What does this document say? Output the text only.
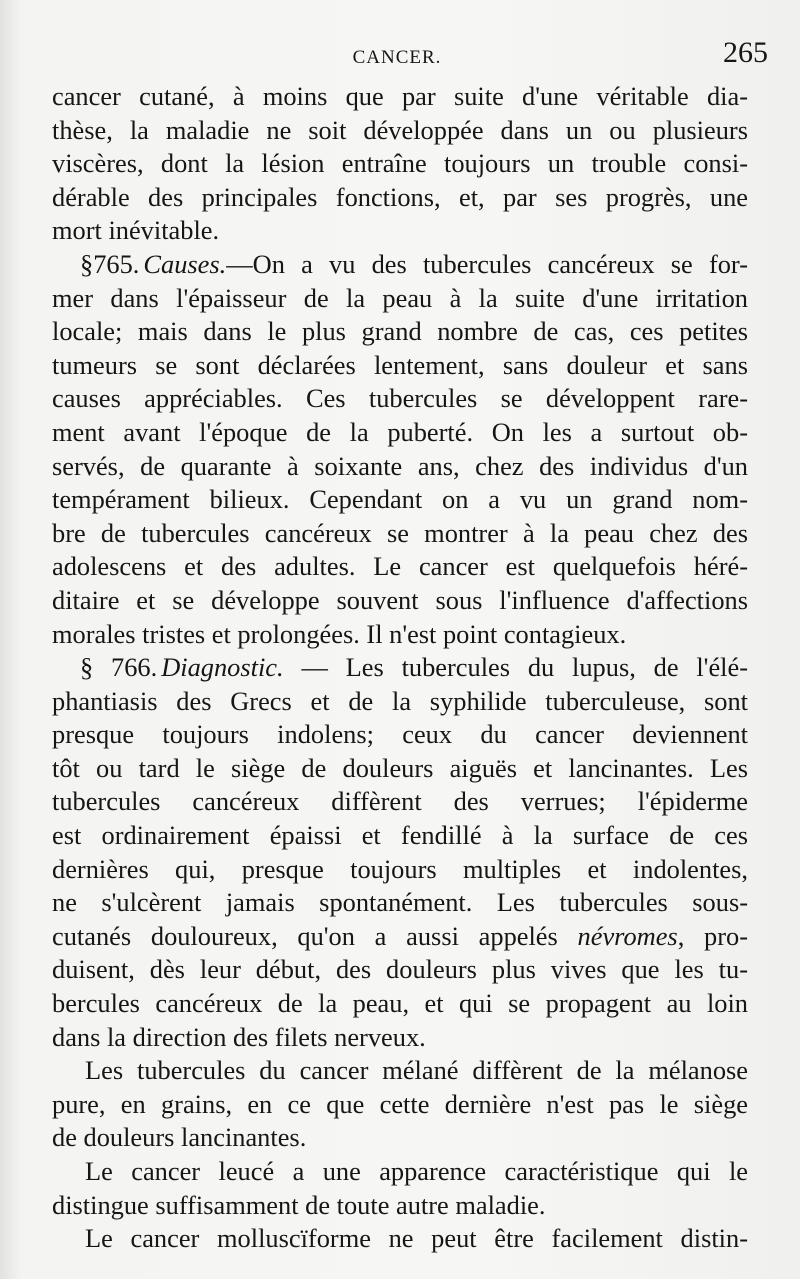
CANCER.	265
cancer cutané, à moins que par suite d'une véritable dia-
thèse, la maladie ne soit développée dans un ou plusieurs
viscères, dont la lésion entraîne toujours un trouble consi-
dérable des principales fonctions, et, par ses progrès, une
mort inévitable.
§765. Causes.—On a vu des tubercules cancéreux se for-
mer dans l'épaisseur de la peau à la suite d'une irritation
locale; mais dans le plus grand nombre de cas, ces petites
tumeurs se sont déclarées lentement, sans douleur et sans
causes appréciables. Ces tubercules se développent rare-
ment avant l'époque de la puberté. On les a surtout ob-
servés, de quarante à soixante ans, chez des individus d'un
tempérament bilieux. Cependant on a vu un grand nom-
bre de tubercules cancéreux se montrer à la peau chez des
adolescens et des adultes. Le cancer est quelquefois héré-
ditaire et se développe souvent sous l'influence d'affections
morales tristes et prolongées. Il n'est point contagieux.
§ 766. Diagnostic. — Les tubercules du lupus, de l'élé-
phantiasis des Grecs et de la syphilide tuberculeuse, sont
presque toujours indolens; ceux du cancer deviennent
tôt ou tard le siège de douleurs aiguës et lancinantes. Les
tubercules cancéreux diffèrent des verrues; l'épiderme
est ordinairement épaissi et fendillé à la surface de ces
dernières qui, presque toujours multiples et indolentes,
ne s'ulcèrent jamais spontanément. Les tubercules sous-
cutanés douloureux, qu'on a aussi appelés névromes, pro-
duisent, dès leur début, des douleurs plus vives que les tu-
bercules cancéreux de la peau, et qui se propagent au loin
dans la direction des filets nerveux.
Les tubercules du cancer mélané diffèrent de la mélanose
pure, en grains, en ce que cette dernière n'est pas le siège
de douleurs lancinantes.
Le cancer leucé a une apparence caractéristique qui le
distingue suffisamment de toute autre maladie.
Le cancer molluscïforme ne peut être facilement distin-
